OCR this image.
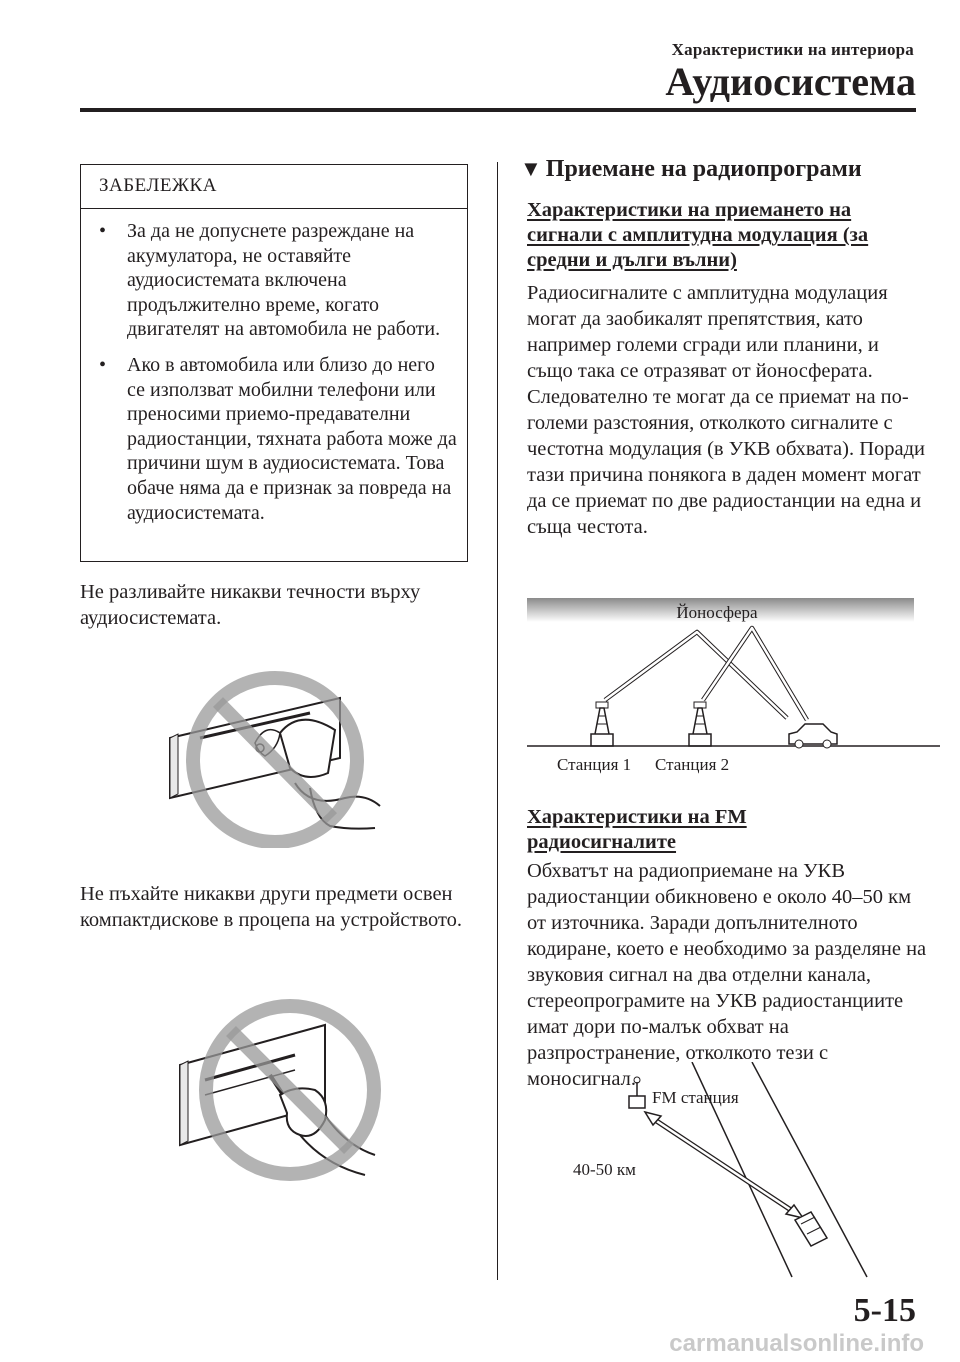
Характеристики на интериора
Аудиосистема
ЗАБЕЛЕЖКА
• За да не допуснете разреждане на акумулатора, не оставяйте аудиосистемата включена продължително време, когато двигателят на автомобила не работи.
• Ако в автомобила или близо до него се използват мобилни телефони или преносими приемо-предавателни радиостанции, тяхната работа може да причини шум в аудиосистемата. Това обаче няма да е признак за повреда на аудиосистемата.

Не разливайте никакви течности върху аудиосистемата.

Не пъхайте никакви други предмети освен компактдискове в процепа на устройството.

▼ Приемане на радиопрограми
Характеристики на приемането на сигнали с амплитудна модулация (за средни и дълги вълни)

Радиосигналите с амплитудна модулация могат да заобикалят препятствия, като например големи сгради или планини, и също така се отразяват от йоносферата. Следователно те могат да се приемат на по-големи разстояния, отколкото сигналите с честотна модулация (в УКВ обхвата). Поради тази причина понякога в даден момент могат да се приемат по две радиостанции на една и съща честота.

Йоносфера
Станция 1 Станция 2
Характеристики на FM радиосигналите

Обхватът на радиоприемане на УКВ радиостанции обикновено е около 40–50 км от източника. Заради допълнителното кодиране, което е необходимо за разделяне на звуковия сигнал на два отделни канала, стереопрограмите на УКВ радиостанциите имат дори по-малък обхват на разпространение, отколкото тези с моносигнал.

FM станция
40-50 км
5-15
carmanualsonline.info
